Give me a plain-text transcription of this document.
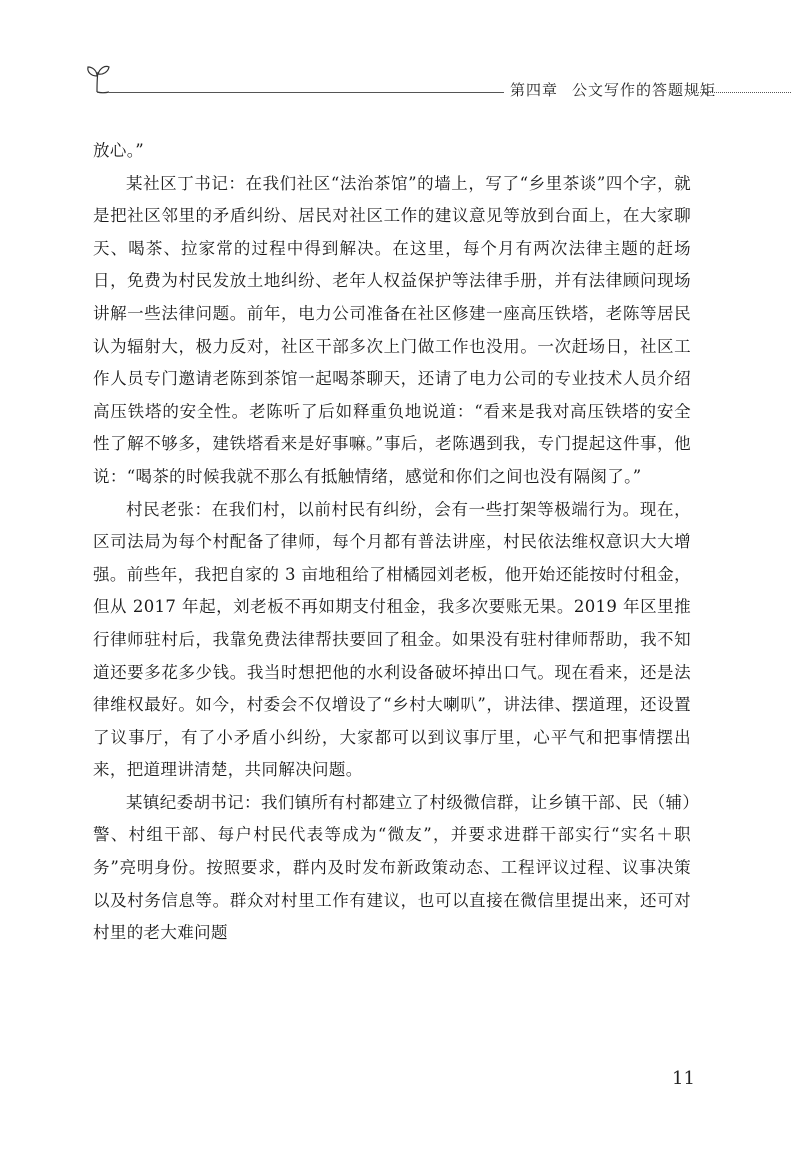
第四章 公文写作的答题规矩

放心。”

某社区丁书记：在我们社区“法治茶馆”的墙上，写了“乡里茶谈”四个字，就是把社区邻里的矛盾纠纷、居民对社区工作的建议意见等放到台面上，在大家聊天、喝茶、拉家常的过程中得到解决。在这里，每个月有两次法律主题的赶场日，免费为村民发放土地纠纷、老年人权益保护等法律手册，并有法律顾问现场讲解一些法律问题。前年，电力公司准备在社区修建一座高压铁塔，老陈等居民认为辐射大，极力反对，社区干部多次上门做工作也没用。一次赶场日，社区工作人员专门邀请老陈到茶馆一起喝茶聊天，还请了电力公司的专业技术人员介绍高压铁塔的安全性。老陈听了后如释重负地说道：“看来是我对高压铁塔的安全性了解不够多，建铁塔看来是好事嘛。”事后，老陈遇到我，专门提起这件事，他说：“喝茶的时候我就不那么有抵触情绪，感觉和你们之间也没有隔阂了。”

村民老张：在我们村，以前村民有纠纷，会有一些打架等极端行为。现在，区司法局为每个村配备了律师，每个月都有普法讲座，村民依法维权意识大大增强。前些年，我把自家的 3 亩地租给了柑橘园刘老板，他开始还能按时付租金，但从 2017 年起，刘老板不再如期支付租金，我多次要账无果。2019 年区里推行律师驻村后，我靠免费法律帮扶要回了租金。如果没有驻村律师帮助，我不知道还要多花多少钱。我当时想把他的水利设备破坏掉出口气。现在看来，还是法律维权最好。如今，村委会不仅增设了“乡村大喇叭”，讲法律、摆道理，还设置了议事厅，有了小矛盾小纠纷，大家都可以到议事厅里，心平气和把事情摆出来，把道理讲清楚，共同解决问题。

某镇纪委胡书记：我们镇所有村都建立了村级微信群，让乡镇干部、民（辅）警、村组干部、每户村民代表等成为“微友”，并要求进群干部实行“实名＋职务”亮明身份。按照要求，群内及时发布新政策动态、工程评议过程、议事决策以及村务信息等。群众对村里工作有建议，也可以直接在微信里提出来，还可对村里的老大难问题

11
